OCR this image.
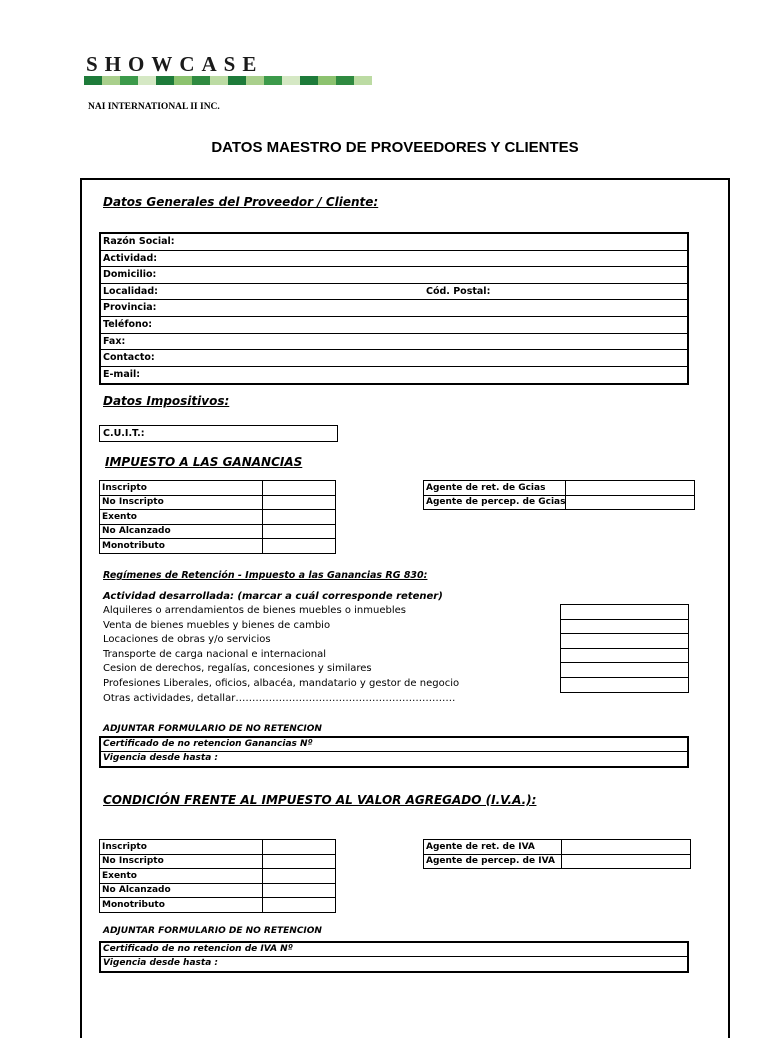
SHOWCASE
NAI INTERNATIONAL II INC.
DATOS MAESTRO DE PROVEEDORES Y CLIENTES
Datos Generales del Proveedor / Cliente:
Razón Social:
Actividad:
Domicilio:
Localidad:	Cód. Postal:
Provincia:
Teléfono:
Fax:
Contacto:
E-mail:
Datos Impositivos:
C.U.I.T.:
IMPUESTO A LAS GANANCIAS
Inscripto	
No Inscripto	
Exento	
No Alcanzado	
Monotributo	
Agente de ret. de Gcias	
Agente de percep. de Gcias	
Regímenes de Retención - Impuesto a las Ganancias RG 830:
Actividad desarrollada: (marcar a cuál corresponde retener)
Alquileres o arrendamientos de bienes muebles o inmuebles
Venta de bienes muebles y bienes de cambio
Locaciones de obras y/o servicios
Transporte de carga nacional e internacional
Cesion de derechos, regalías, concesiones y similares
Profesiones Liberales, oficios, albacéa, mandatario y gestor de negocio
Otras actividades, detallar…………………………………………………………
ADJUNTAR FORMULARIO DE NO RETENCION
Certificado de no retencion Ganancias Nº
Vigencia desde hasta :
CONDICIÓN FRENTE AL IMPUESTO AL VALOR AGREGADO (I.V.A.):
Inscripto	
No Inscripto	
Exento	
No Alcanzado	
Monotributo	
Agente de ret. de IVA	
Agente de percep. de IVA	
ADJUNTAR FORMULARIO DE NO RETENCION
Certificado de no retencion de IVA Nº
Vigencia desde hasta :
